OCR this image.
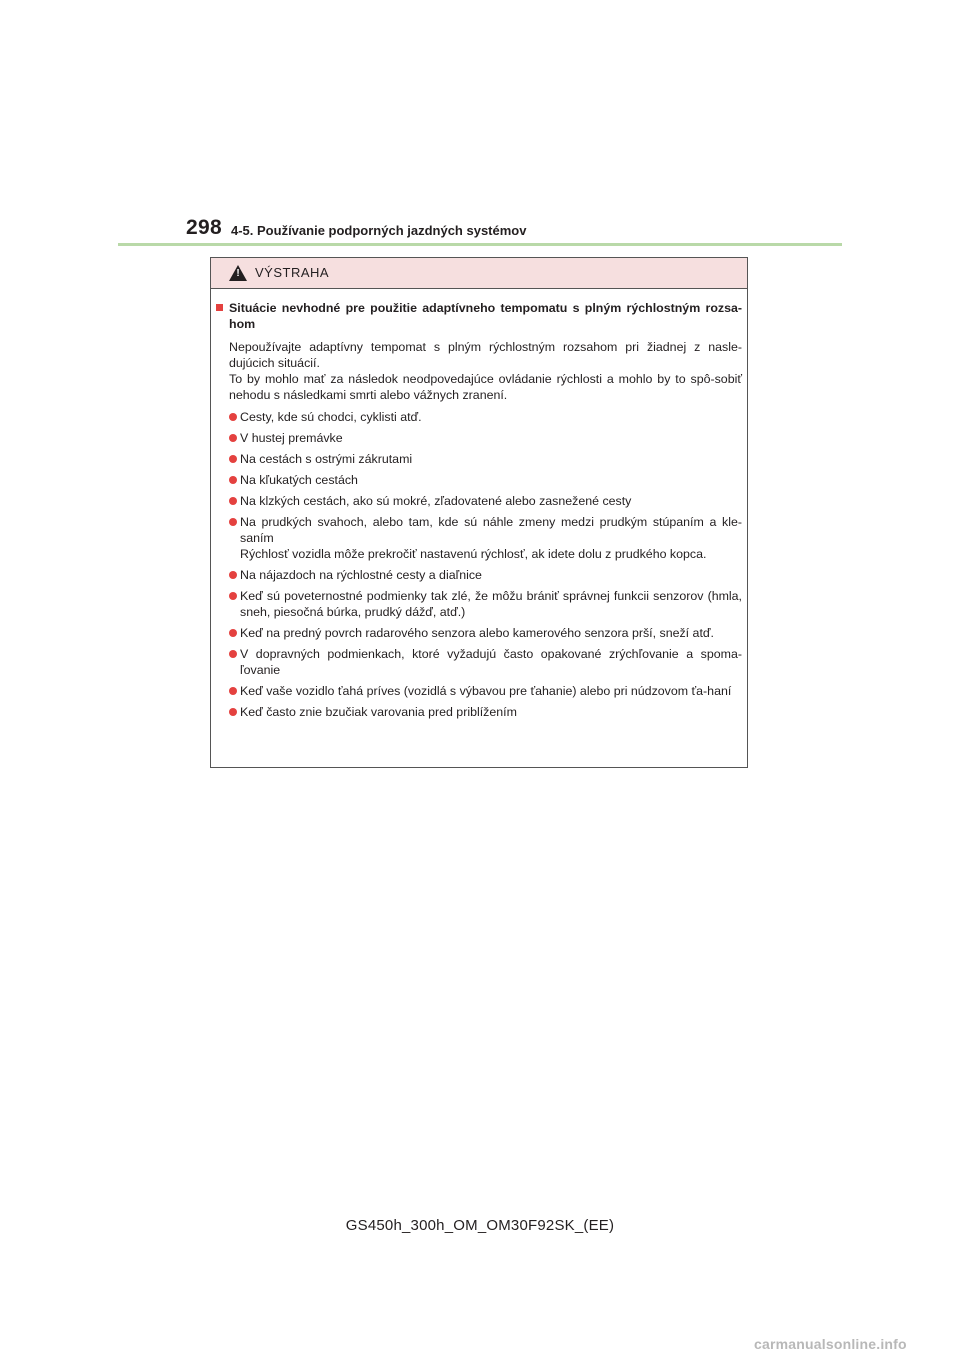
298 4-5. Používanie podporných jazdných systémov
! VÝSTRAHA
Situácie nevhodné pre použitie adaptívneho tempomatu s plným rýchlostným rozsa-hom
Nepoužívajte adaptívny tempomat s plným rýchlostným rozsahom pri žiadnej z nasle-dujúcich situácií.
To by mohlo mať za následok neodpovedajúce ovládanie rýchlosti a mohlo by to spô-sobiť nehodu s následkami smrti alebo vážnych zranení.
Cesty, kde sú chodci, cyklisti atď.
V hustej premávke
Na cestách s ostrými zákrutami
Na kľukatých cestách
Na klzkých cestách, ako sú mokré, zľadovatené alebo zasnežené cesty
Na prudkých svahoch, alebo tam, kde sú náhle zmeny medzi prudkým stúpaním a kle-saním
Rýchlosť vozidla môže prekročiť nastavenú rýchlosť, ak idete dolu z prudkého kopca.
Na nájazdoch na rýchlostné cesty a diaľnice
Keď sú poveternostné podmienky tak zlé, že môžu brániť správnej funkcii senzorov (hmla, sneh, piesočná búrka, prudký dážď, atď.)
Keď na predný povrch radarového senzora alebo kamerového senzora prší, sneží atď.
V dopravných podmienkach, ktoré vyžadujú často opakované zrýchľovanie a spoma-ľovanie
Keď vaše vozidlo ťahá príves (vozidlá s výbavou pre ťahanie) alebo pri núdzovom ťa-haní
Keď často znie bzučiak varovania pred priblížením
GS450h_300h_OM_OM30F92SK_(EE)
carmanualsonline.info
